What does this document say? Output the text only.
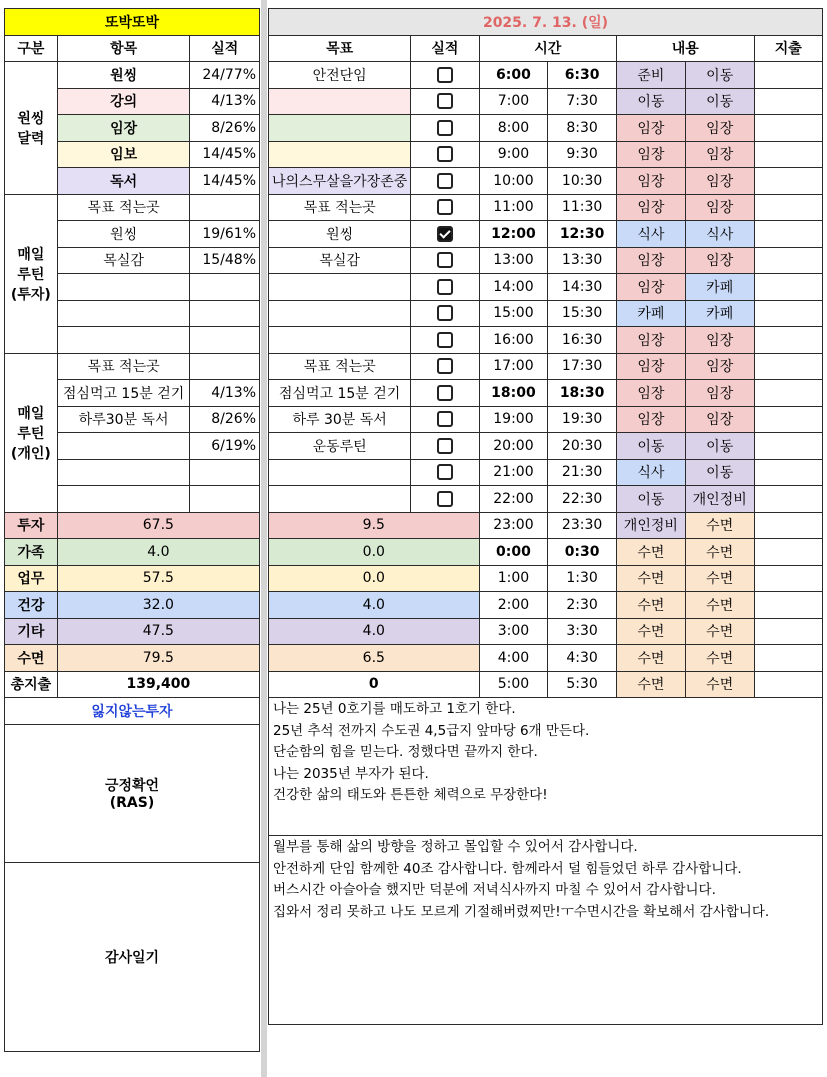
또박또박		
구분	항목	실적

원씽
달력	원씽	24/77%
	강의	4/13%
	임장	8/26%
	임보	14/45%
	독서	14/45%

매일
루틴
(투자)	목표 적는곳	
	원씽	19/61%
	목실감	15/48%

매일
루틴
(개인)	목표 적는곳	
	점심먹고 15분 걷기	4/13%
	하루30분 독서	8/26%
		6/19%

투자	67.5	
가족	4.0	
업무	57.5	
건강	32.0	
기타	47.5	
수면	79.5	
총지출	139,400	
잃지않는투자		

긍정확언
(RAS)		

감사일기		
2025. 7. 13. (일)						
목표	실적	시간		내용		지출
안전단임		6:00	6:30	준비	이동	
		7:00	7:30	이동	이동	
		8:00	8:30	임장	임장	
		9:00	9:30	임장	임장	
나의스무살을가장존중		10:00	10:30	임장	임장	
목표 적는곳		11:00	11:30	임장	임장	
원씽		12:00	12:30	식사	식사	
목실감		13:00	13:30	임장	임장	
		14:00	14:30	임장	카페	
		15:00	15:30	카페	카페	
		16:00	16:30	임장	임장	
목표 적는곳		17:00	17:30	임장	임장	
점심먹고 15분 걷기		18:00	18:30	임장	임장	
하루 30분 독서		19:00	19:30	임장	임장	
운동루틴		20:00	20:30	이동	이동	
		21:00	21:30	식사	이동	
		22:00	22:30	이동	개인정비	
9.5		23:00	23:30	개인정비	수면	
0.0		0:00	0:30	수면	수면	
0.0		1:00	1:30	수면	수면	
4.0		2:00	2:30	수면	수면	
4.0		3:00	3:30	수면	수면	
6.5		4:00	4:30	수면	수면	
0		5:00	5:30	수면	수면	

나는 25년 0호기를 매도하고 1호기 한다.
25년 추석 전까지 수도권 4,5급지 앞마당 6개 만든다.
단순함의 힘을 믿는다. 정했다면 끝까지 한다.
나는 2035년 부자가 된다.
건강한 삶의 태도와 튼튼한 체력으로 무장한다!						

월부를 통해 삶의 방향을 정하고 몰입할 수 있어서 감사합니다.
안전하게 단임 함께한 40조 감사합니다. 함께라서 덜 힘들었던 하루 감사합니다.
버스시간 아슬아슬 했지만 덕분에 저녁식사까지 마칠 수 있어서 감사합니다.
집와서 정리 못하고 나도 모르게 기절해버렸찌만!ㅜ수면시간을 확보해서 감사합니다.						
